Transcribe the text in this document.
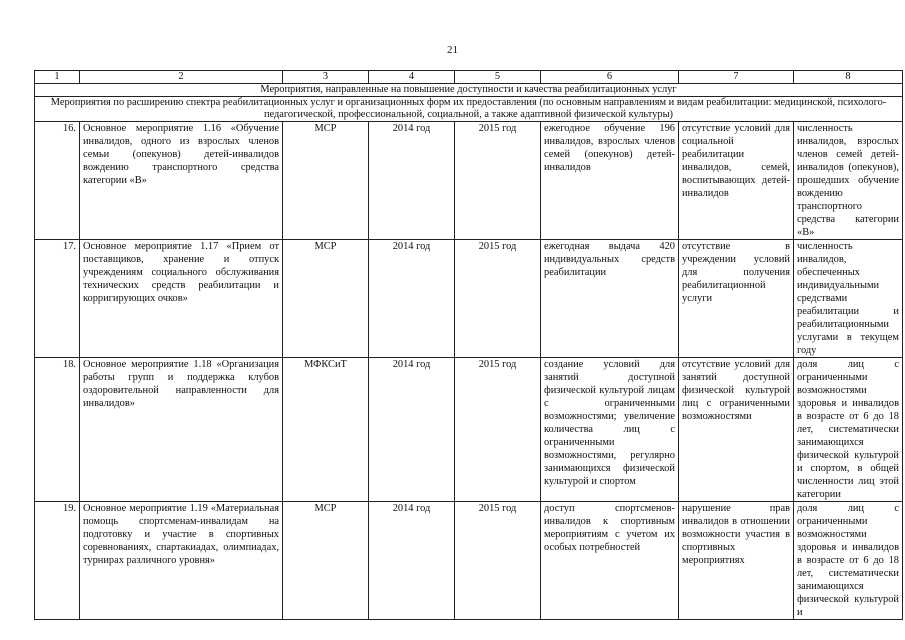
21
1	2	3	4	5	6	7	8
Мероприятия, направленные на повышение доступности и качества реабилитационных услуг							
Мероприятия по расширению спектра реабилитационных услуг и организационных форм их предоставления (по основным направлениям и видам реабилитации: медицинской, психолого-педагогической, профессиональной, социальной, а также адаптивной физической культуры)							
16.	Основное мероприятие 1.16 «Обучение инвалидов, одного из взрослых членов семьи (опекунов) детей-инвалидов вождению транспортного средства категории «В»	МСР	2014 год	2015 год	ежегодное обучение 196 инвалидов, взрослых членов семей (опекунов) детей-инвалидов	отсутствие условий для социальной реабилитации инвалидов, семей, воспитывающих детей-инвалидов	численность инвалидов, взрослых членов семей детей-инвалидов (опекунов), прошедших обучение вождению транспортного средства категории «В»
17.	Основное мероприятие 1.17 «Прием от поставщиков, хранение и отпуск учреждениям социального обслуживания технических средств реабилитации и корригирующих очков»	МСР	2014 год	2015 год	ежегодная выдача 420 индивидуальных средств реабилитации	отсутствие в учреждении условий для получения реабилитационной услуги	численность инвалидов, обеспеченных индивидуальными средствами реабилитации и реабилитационными услугами в текущем году
18.	Основное мероприятие 1.18 «Организация работы групп и поддержка клубов оздоровительной направленности для инвалидов»	МФКСиТ	2014 год	2015 год	создание условий для занятий доступной физической культурой лицам с ограниченными возможностями; увеличение количества лиц с ограниченными возможностями, регулярно занимающихся физической культурой и спортом	отсутствие условий для занятий доступной физической культурой лиц с ограниченными возможностями	доля лиц с ограниченными возможностями здоровья и инвалидов в возрасте от 6 до 18 лет, систематически занимающихся физической культурой и спортом, в общей численности лиц этой категории
19.	Основное мероприятие 1.19 «Материальная помощь спортсменам-инвалидам на подготовку и участие в спортивных соревнованиях, спартакиадах, олимпиадах, турнирах различного уровня»	МСР	2014 год	2015 год	доступ спортсменов-инвалидов к спортивным мероприятиям с учетом их особых потребностей	нарушение прав инвалидов в отношении возможности участия в спортивных мероприятиях	доля лиц с ограниченными возможностями здоровья и инвалидов в возрасте от 6 до 18 лет, систематически занимающихся физической культурой и
